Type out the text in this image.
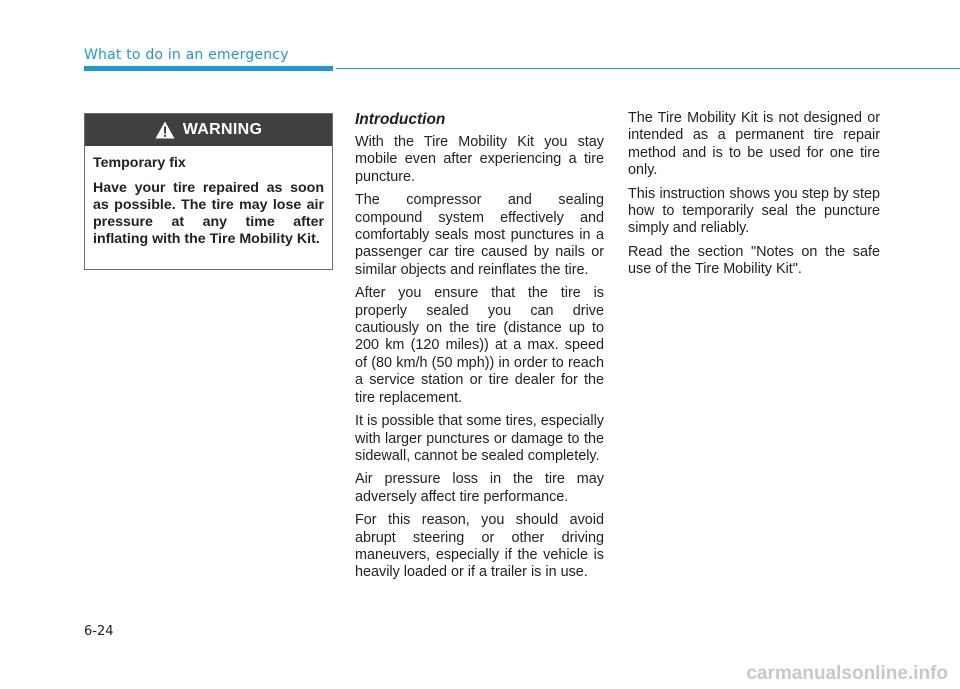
What to do in an emergency
WARNING
Temporary fix
Have your tire repaired as soon as possible. The tire may lose air pressure at any time after inflating with the Tire Mobility Kit.
Introduction

With the Tire Mobility Kit you stay mobile even after experiencing a tire puncture.

The compressor and sealing compound system effectively and comfortably seals most punctures in a passenger car tire caused by nails or similar objects and reinflates the tire.

After you ensure that the tire is properly sealed you can drive cautiously on the tire (distance up to 200 km (120 miles)) at a max. speed of (80 km/h (50 mph)) in order to reach a service station or tire dealer for the tire replacement.

It is possible that some tires, especially with larger punctures or damage to the sidewall, cannot be sealed completely.

Air pressure loss in the tire may adversely affect tire performance.

For this reason, you should avoid abrupt steering or other driving maneuvers, especially if the vehicle is heavily loaded or if a trailer is in use.

The Tire Mobility Kit is not designed or intended as a permanent tire repair method and is to be used for one tire only.

This instruction shows you step by step how to temporarily seal the puncture simply and reliably.

Read the section "Notes on the safe use of the Tire Mobility Kit".

6-24
carmanualsonline.info
